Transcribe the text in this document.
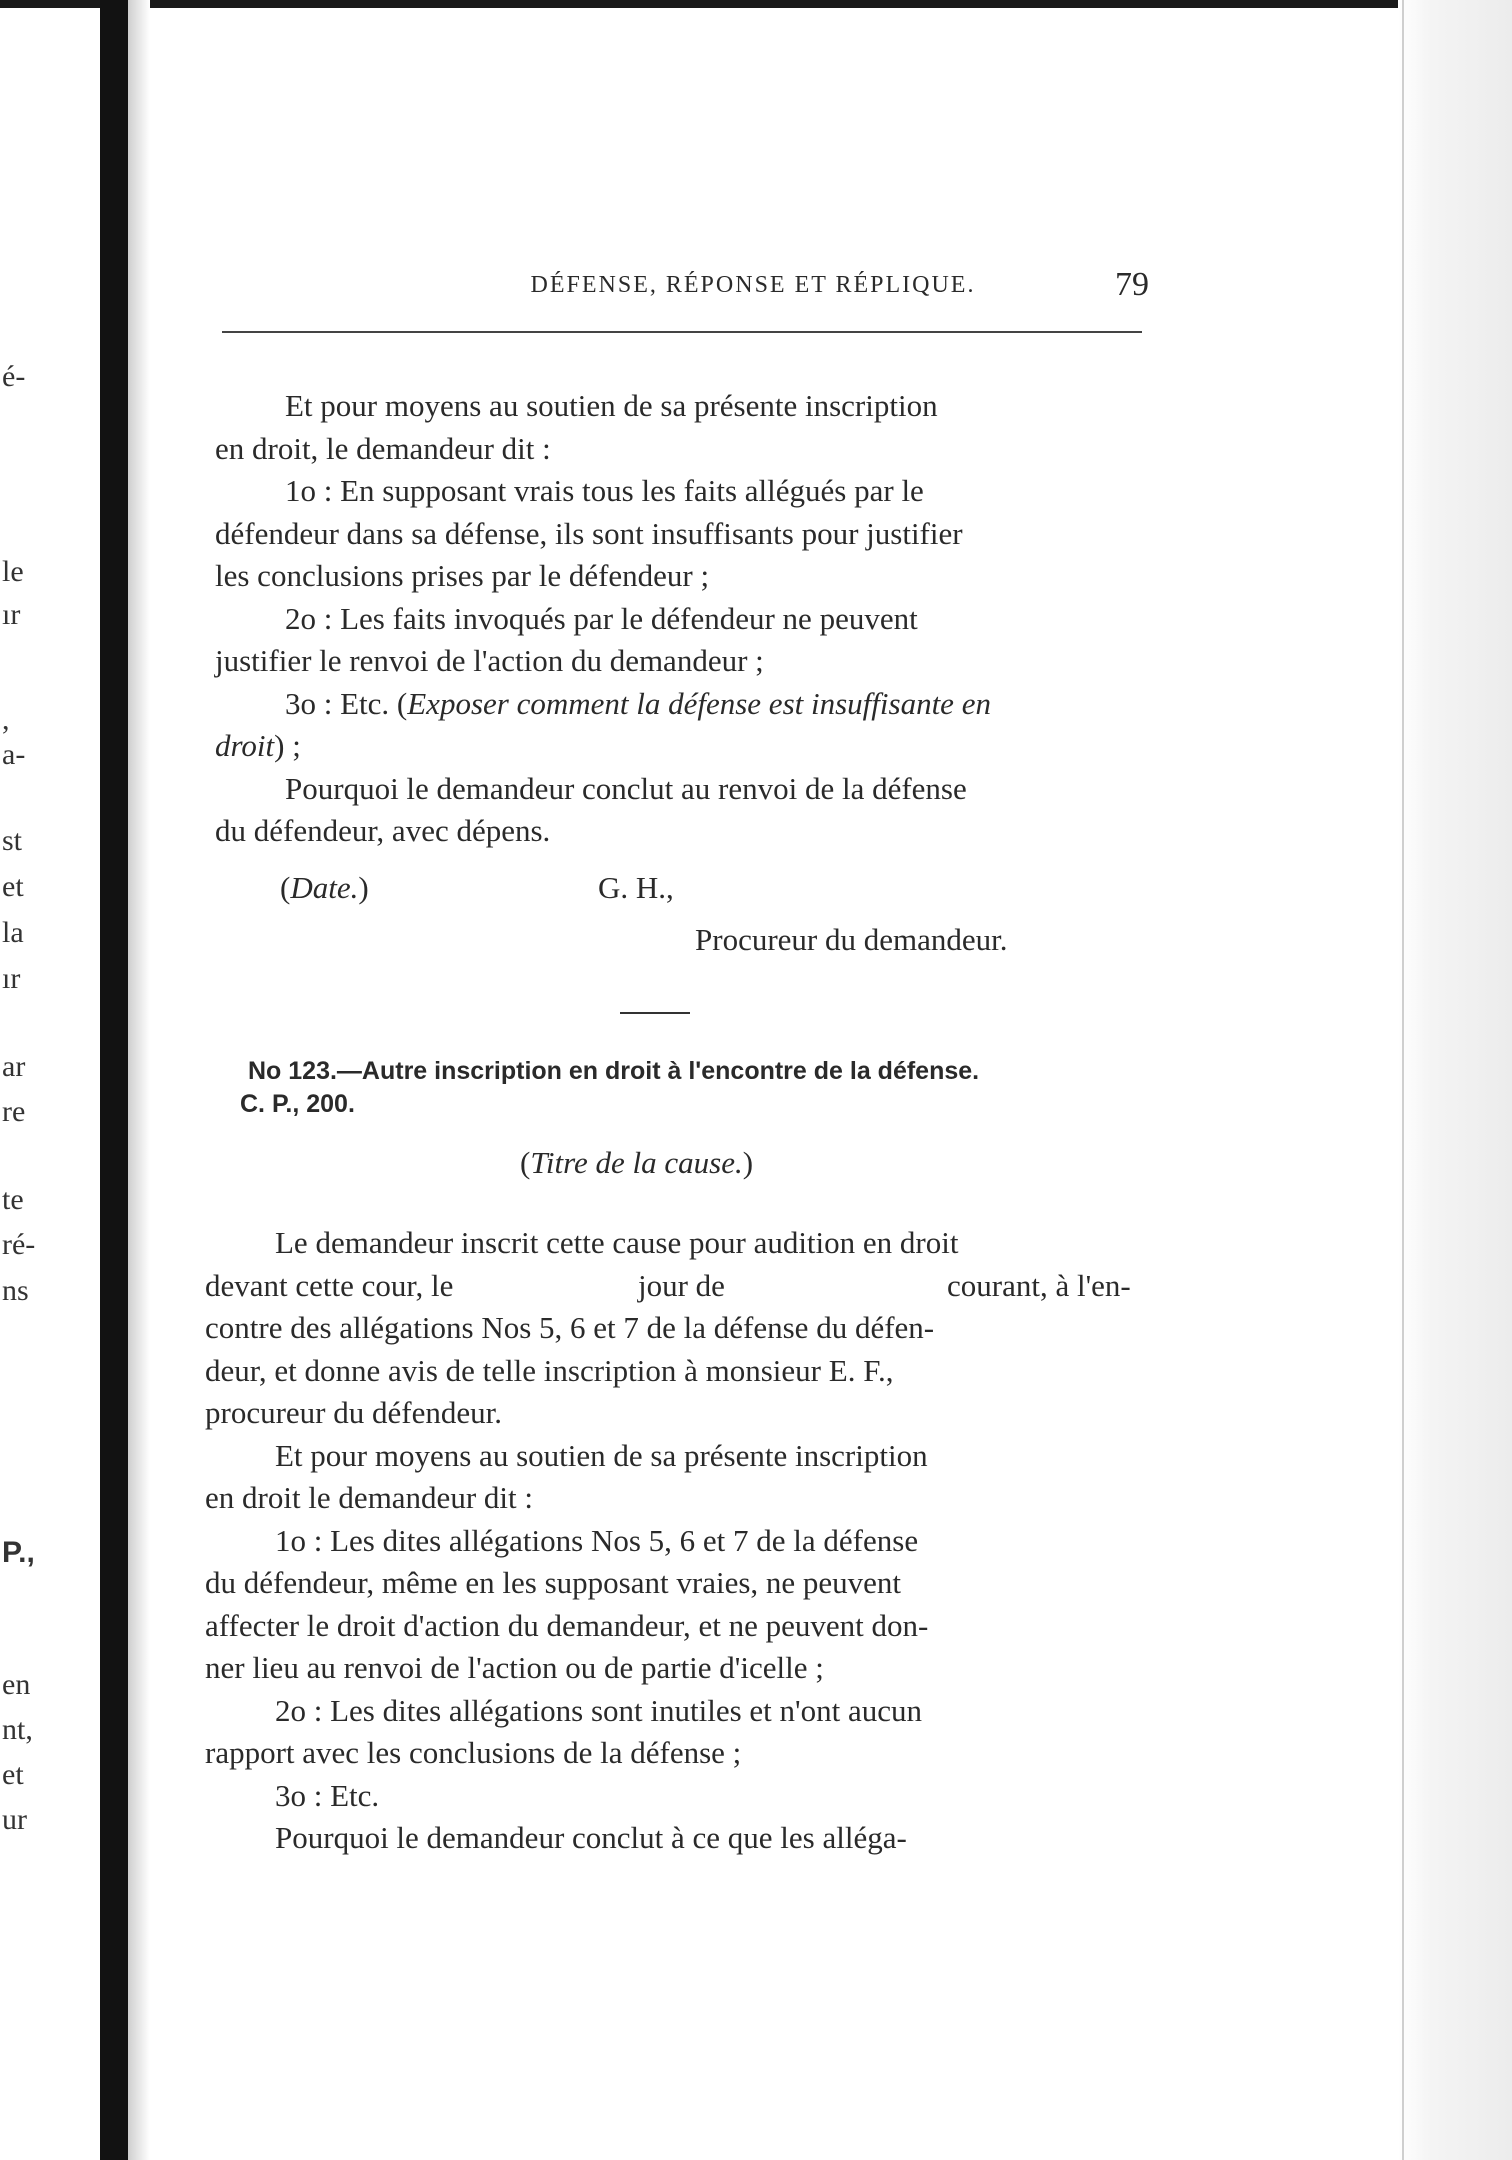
é-
le
ır
,
a-
st
et
la
ır
ar
re
te
ré-
ns
P.,
en
nt,
et
ur
DÉFENSE, RÉPONSE ET RÉPLIQUE.	79
Et pour moyens au soutien de sa présente inscription
en droit, le demandeur dit :
1o : En supposant vrais tous les faits allégués par le
défendeur dans sa défense, ils sont insuffisants pour justifier
les conclusions prises par le défendeur ;
2o : Les faits invoqués par le défendeur ne peuvent
justifier le renvoi de l'action du demandeur ;
3o : Etc. (Exposer comment la défense est insuffisante en
droit) ;
Pourquoi le demandeur conclut au renvoi de la défense
du défendeur, avec dépens.
(Date.)	G. H.,
Procureur du demandeur.
No 123.—Autre inscription en droit à l'encontre de la défense.
C. P., 200.
(Titre de la cause.)
Le demandeur inscrit cette cause pour audition en droit
devant cette cour, le	jour de	courant, à l'en-
contre des allégations Nos 5, 6 et 7 de la défense du défen-
deur, et donne avis de telle inscription à monsieur E. F.,
procureur du défendeur.
Et pour moyens au soutien de sa présente inscription
en droit le demandeur dit :
1o : Les dites allégations Nos 5, 6 et 7 de la défense
du défendeur, même en les supposant vraies, ne peuvent
affecter le droit d'action du demandeur, et ne peuvent don-
ner lieu au renvoi de l'action ou de partie d'icelle ;
2o : Les dites allégations sont inutiles et n'ont aucun
rapport avec les conclusions de la défense ;
3o : Etc.
Pourquoi le demandeur conclut à ce que les alléga-
